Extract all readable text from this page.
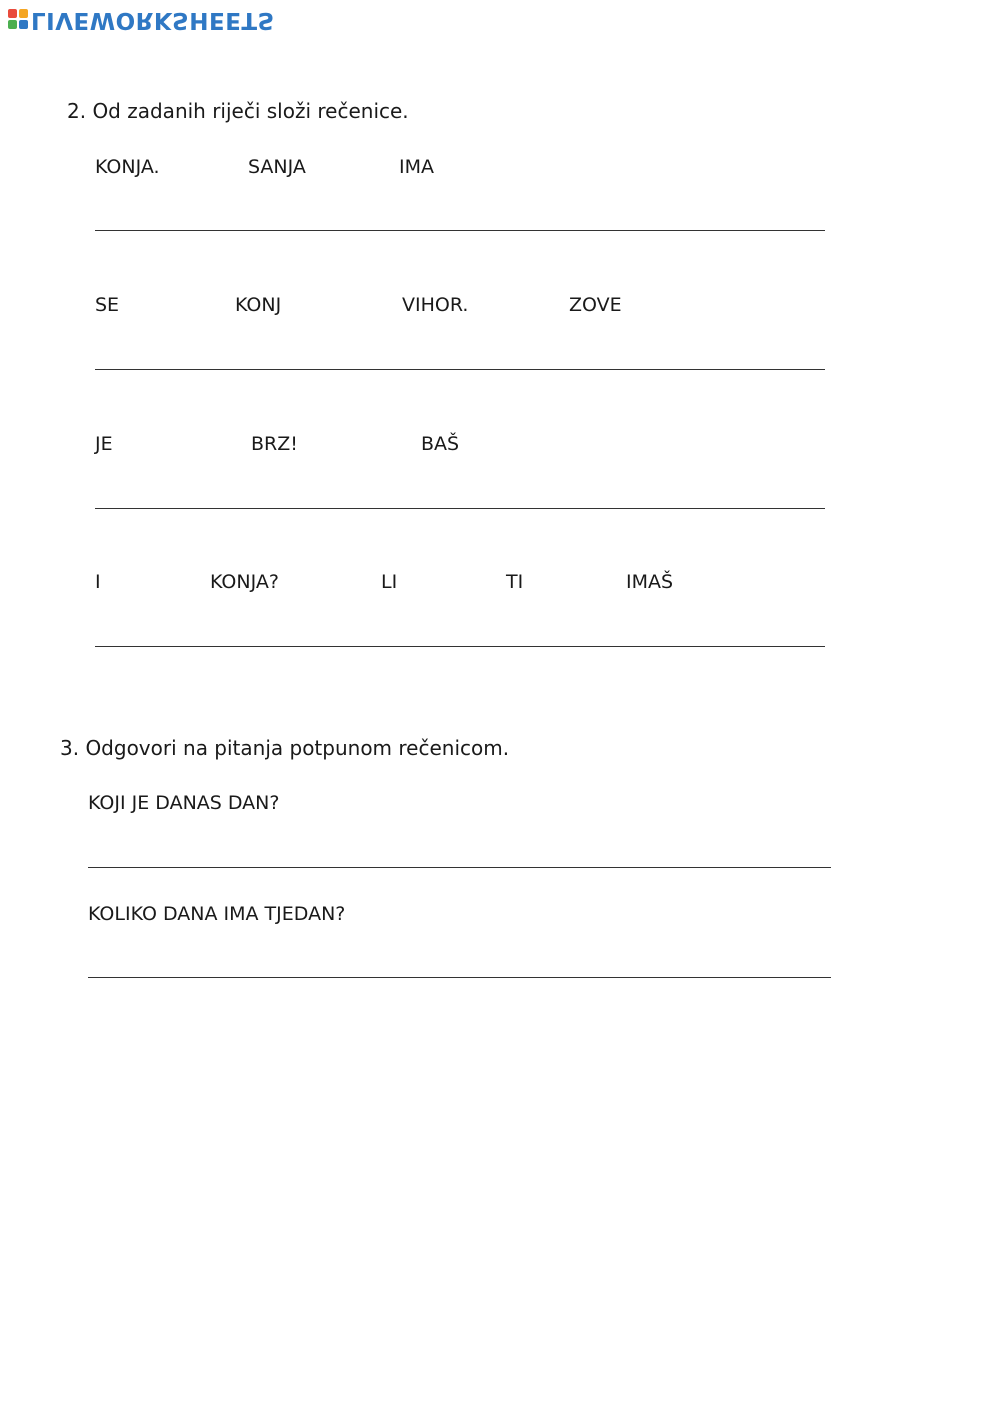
LIVEWORKSHEETS
2. Od zadanih riječi složi rečenice.
KONJA.	SANJA	IMA
SE	KONJ	VIHOR.	ZOVE
JE	BRZ!	BAŠ
I	KONJA?	LI	TI	IMAŠ
3. Odgovori na pitanja potpunom rečenicom.
KOJI JE DANAS DAN?
KOLIKO DANA IMA TJEDAN?
